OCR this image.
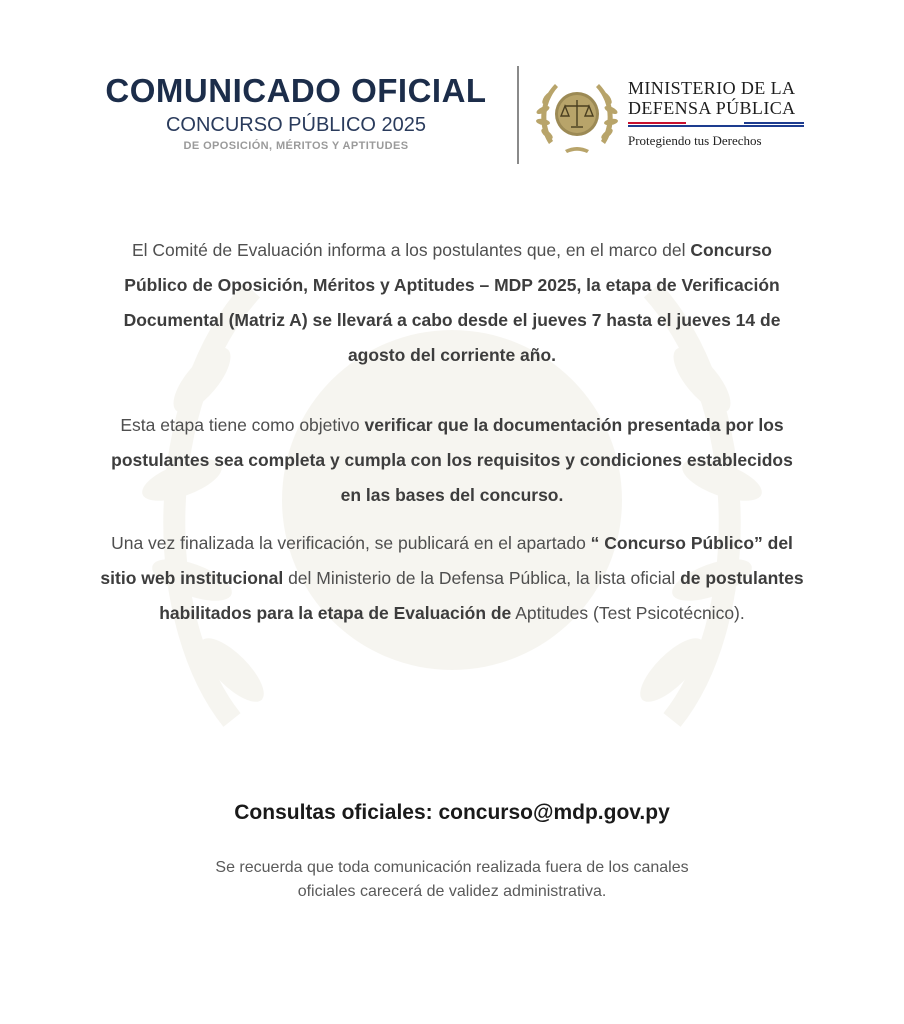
COMUNICADO OFICIAL
CONCURSO PÚBLICO 2025
DE OPOSICIÓN, MÉRITOS Y APTITUDES
MINISTERIO DE LA
DEFENSA PÚBLICA
Protegiendo tus Derechos

El Comité de Evaluación informa a los postulantes que, en el marco del Concurso Público de Oposición, Méritos y Aptitudes – MDP 2025, la etapa de Verificación Documental (Matriz A) se llevará a cabo desde el jueves 7 hasta el jueves 14 de agosto del corriente año.

Esta etapa tiene como objetivo verificar que la documentación presentada por los postulantes sea completa y cumpla con los requisitos y condiciones establecidos en las bases del concurso.

Una vez finalizada la verificación, se publicará en el apartado “ Concurso Público” del sitio web institucional del Ministerio de la Defensa Pública, la lista oficial de postulantes habilitados para la etapa de Evaluación de Aptitudes (Test Psicotécnico).

Consultas oficiales: concurso@mdp.gov.py
Se recuerda que toda comunicación realizada fuera de los canales oficiales carecerá de validez administrativa.
